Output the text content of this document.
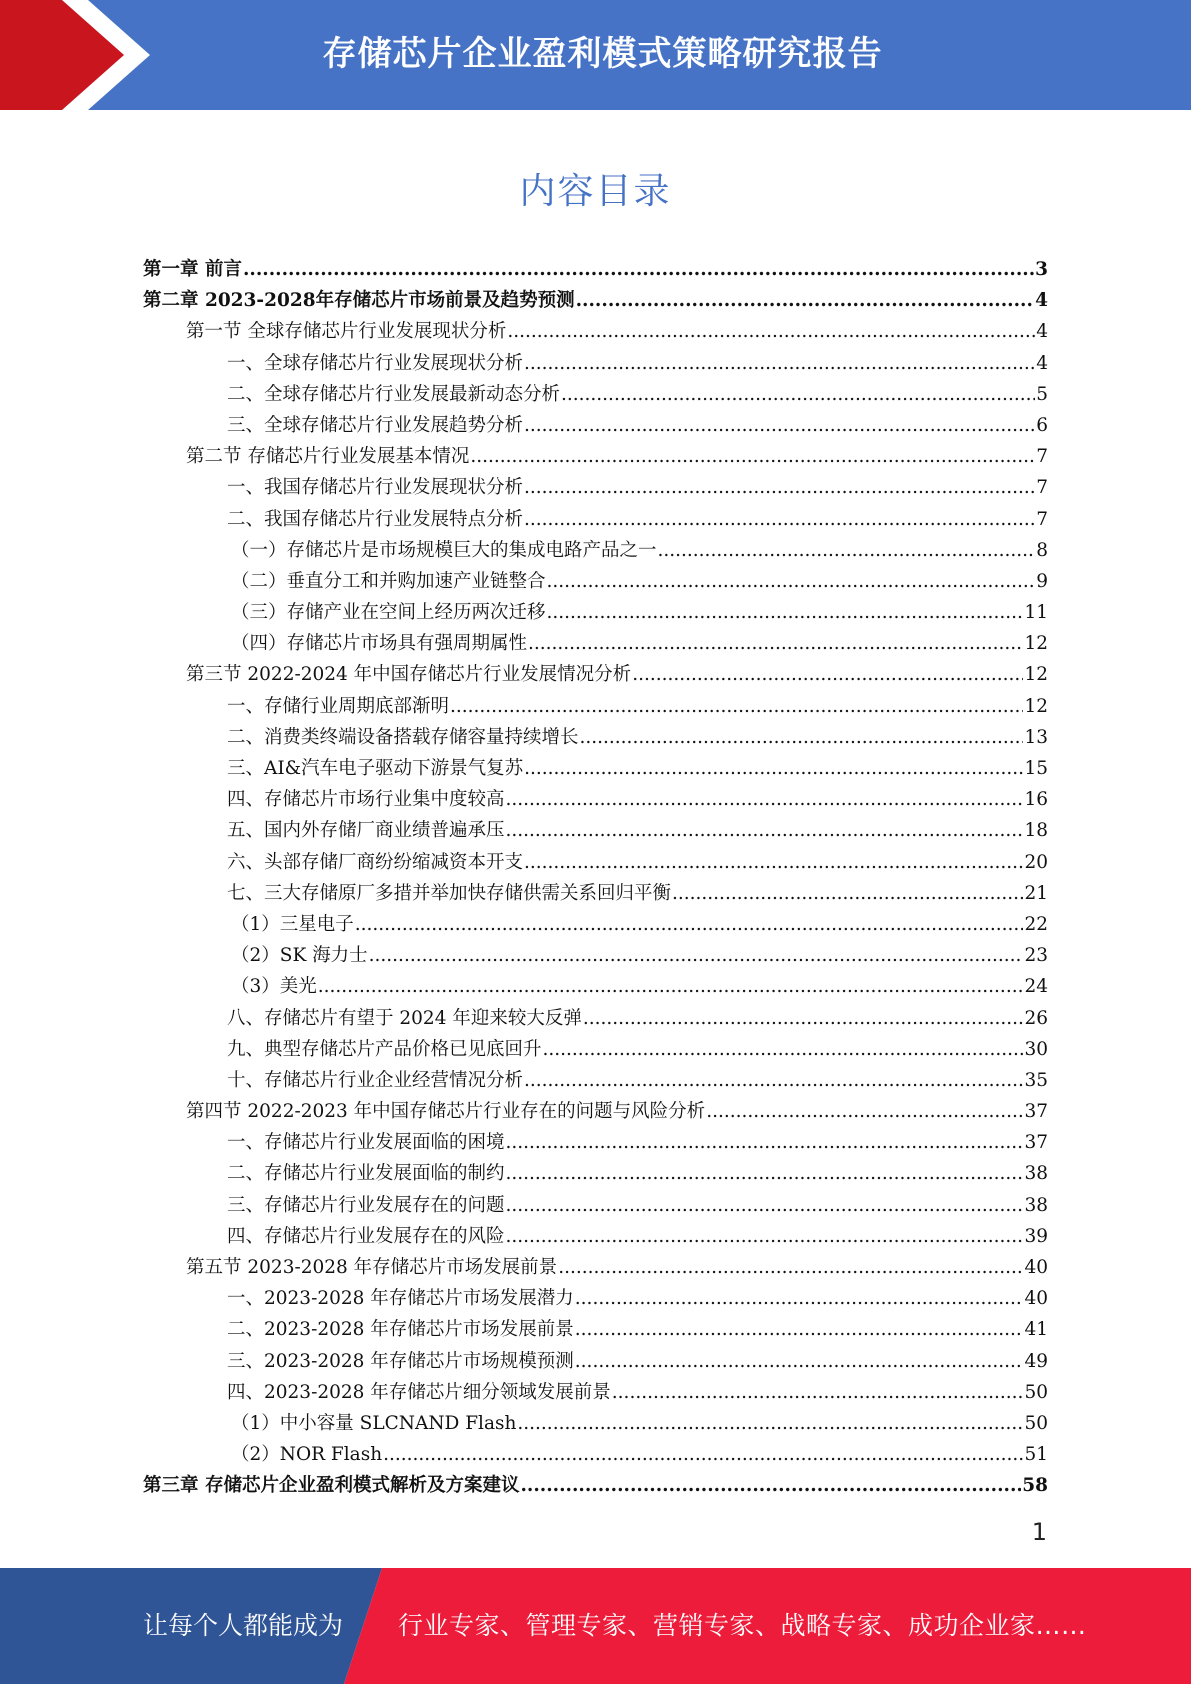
存储芯片企业盈利模式策略研究报告
内容目录
第一章 前言 .....	3
第二章 2023-2028年存储芯片市场前景及趋势预测 .....	4
第一节 全球存储芯片行业发展现状分析 .....	4
一、全球存储芯片行业发展现状分析 .....	4
二、全球存储芯片行业发展最新动态分析 .....	5
三、全球存储芯片行业发展趋势分析 .....	6
第二节 存储芯片行业发展基本情况 .....	7
一、我国存储芯片行业发展现状分析 .....	7
二、我国存储芯片行业发展特点分析 .....	7
（一）存储芯片是市场规模巨大的集成电路产品之一 .....	8
（二）垂直分工和并购加速产业链整合 .....	9
（三）存储产业在空间上经历两次迁移 .....	11
（四）存储芯片市场具有强周期属性 .....	12
第三节 2022-2024 年中国存储芯片行业发展情况分析 .....	12
一、存储行业周期底部渐明 .....	12
二、消费类终端设备搭载存储容量持续增长 .....	13
三、AI&汽车电子驱动下游景气复苏 .....	15
四、存储芯片市场行业集中度较高 .....	16
五、国内外存储厂商业绩普遍承压 .....	18
六、头部存储厂商纷纷缩减资本开支 .....	20
七、三大存储原厂多措并举加快存储供需关系回归平衡 .....	21
（1）三星电子 .....	22
（2）SK 海力士 .....	23
（3）美光 .....	24
八、存储芯片有望于 2024 年迎来较大反弹 .....	26
九、典型存储芯片产品价格已见底回升 .....	30
十、存储芯片行业企业经营情况分析 .....	35
第四节 2022-2023 年中国存储芯片行业存在的问题与风险分析 .....	37
一、存储芯片行业发展面临的困境 .....	37
二、存储芯片行业发展面临的制约 .....	38
三、存储芯片行业发展存在的问题 .....	38
四、存储芯片行业发展存在的风险 .....	39
第五节 2023-2028 年存储芯片市场发展前景 .....	40
一、2023-2028 年存储芯片市场发展潜力 .....	40
二、2023-2028 年存储芯片市场发展前景 .....	41
三、2023-2028 年存储芯片市场规模预测 .....	49
四、2023-2028 年存储芯片细分领域发展前景 .....	50
（1）中小容量 SLCNAND Flash .....	50
（2）NOR Flash .....	51
第三章 存储芯片企业盈利模式解析及方案建议 .....	58
1
让每个人都能成为 行业专家、管理专家、营销专家、战略专家、成功企业家……
